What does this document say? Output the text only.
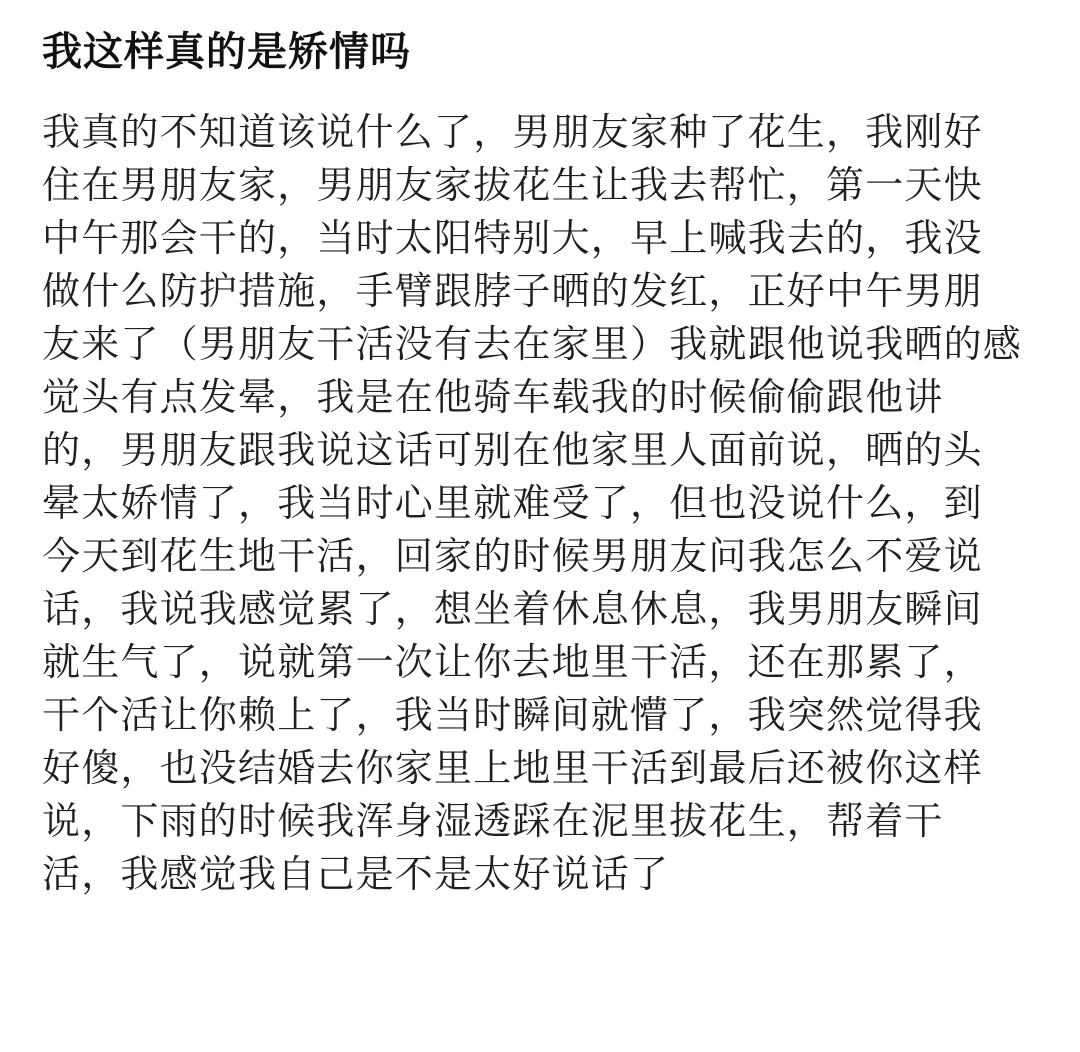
我这样真的是矫情吗
我真的不知道该说什么了，男朋友家种了花生，我刚好
住在男朋友家，男朋友家拔花生让我去帮忙，第一天快
中午那会干的，当时太阳特别大，早上喊我去的，我没
做什么防护措施，手臂跟脖子晒的发红，正好中午男朋
友来了（男朋友干活没有去在家里）我就跟他说我晒的感
觉头有点发晕，我是在他骑车载我的时候偷偷跟他讲
的，男朋友跟我说这话可别在他家里人面前说，晒的头
晕太娇情了，我当时心里就难受了，但也没说什么，到
今天到花生地干活，回家的时候男朋友问我怎么不爱说
话，我说我感觉累了，想坐着休息休息，我男朋友瞬间
就生气了，说就第一次让你去地里干活，还在那累了，
干个活让你赖上了，我当时瞬间就懵了，我突然觉得我
好傻，也没结婚去你家里上地里干活到最后还被你这样
说，下雨的时候我浑身湿透踩在泥里拔花生，帮着干
活，我感觉我自己是不是太好说话了
